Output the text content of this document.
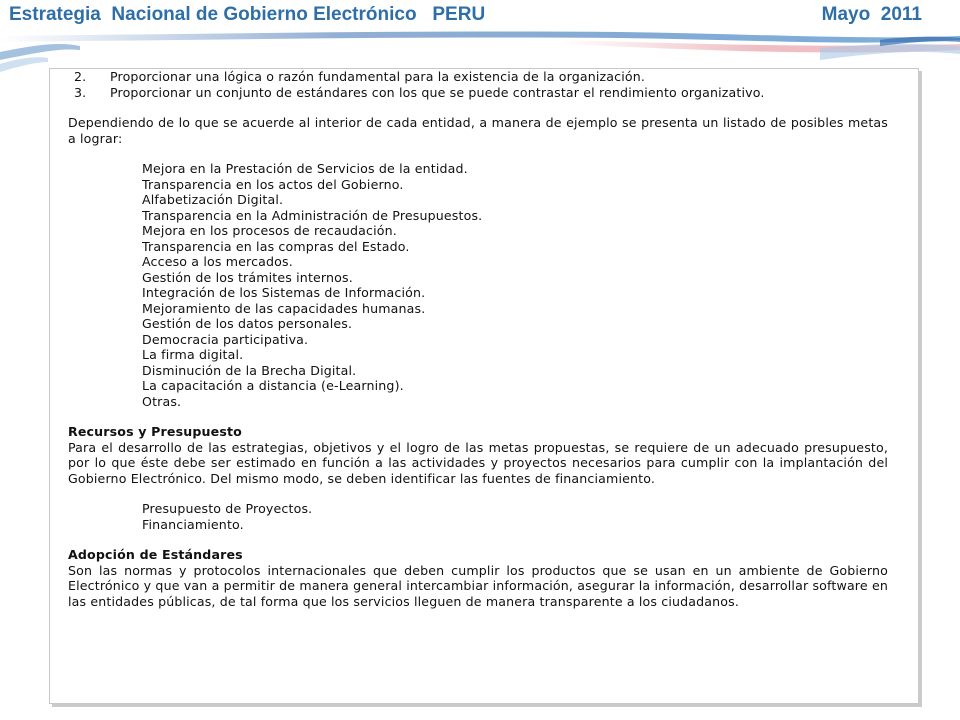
Estrategia  Nacional de Gobierno Electrónico   PERU	Mayo  2011
2.	Proporcionar una lógica o razón fundamental para la existencia de la organización.
3.	Proporcionar un conjunto de estándares con los que se puede contrastar el rendimiento organizativo.

Dependiendo de lo que se acuerde al interior de cada entidad, a manera de ejemplo se presenta un listado de posibles metas a lograr:

Mejora en la Prestación de Servicios de la entidad.
Transparencia en los actos del Gobierno.
Alfabetización Digital.
Transparencia en la Administración de Presupuestos.
Mejora en los procesos de recaudación.
Transparencia en las compras del Estado.
Acceso a los mercados.
Gestión de los trámites internos.
Integración de los Sistemas de Información.
Mejoramiento de las capacidades humanas.
Gestión de los datos personales.
Democracia participativa.
La firma digital.
Disminución de la Brecha Digital.
La capacitación a distancia (e-Learning).
Otras.

Recursos y Presupuesto

Para el desarrollo de las estrategias, objetivos y el logro de las metas propuestas, se requiere de un adecuado presupuesto, por lo que éste debe ser estimado en función a las actividades y proyectos necesarios para cumplir con la implantación del Gobierno Electrónico. Del mismo modo, se deben identificar las fuentes de financiamiento.

Presupuesto de Proyectos.
Financiamiento.

Adopción de Estándares

Son las normas y protocolos internacionales que deben cumplir los productos que se usan en un ambiente de Gobierno Electrónico y que van a permitir de manera general intercambiar información, asegurar la información, desarrollar software en las entidades públicas, de tal forma que los servicios lleguen de manera transparente a los ciudadanos.
